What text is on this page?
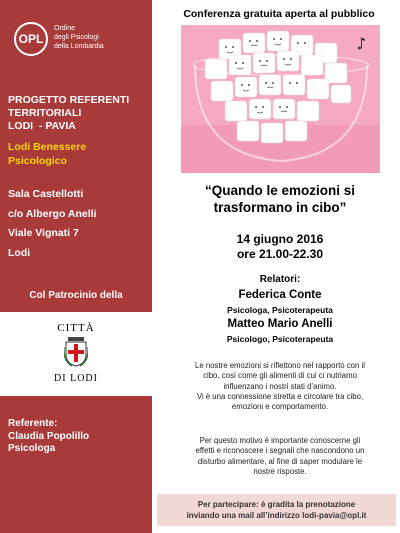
OPL
Ordine
degli Psicologi
della Lombardia
PROGETTO REFERENTI
TERRITORIALI
LODI  - PAVIA
Lodi Benessere
Psicologico
Sala Castellotti
c/o Albergo Anelli
Viale Vignati 7
Lodi
Col Patrocinio della
CITTÀ
DI LODI
Referente:
Claudia Popolillo
Psicologa
Conferenza gratuita aperta al pubblico
“Quando le emozioni si
trasformano in cibo”
14 giugno 2016
ore 21.00-22.30
Relatori:
Federica Conte
Psicologa, Psicoterapeuta
Matteo Mario Anelli
Psicologo, Psicoterapeuta
Le nostre emozioni si riflettono nel rapporto con il
cibo, così come gli alimenti di cui ci nutriamo
influenzano i nostri stati d’animo.
Vi è una connessione stretta e circolare tra cibo,
emozioni e comportamento.
Per questo motivo è importante conoscerne gli
effetti e riconoscere i segnali che nascondono un
disturbo alimentare, al fine di saper modulare le
nostre risposte.
Per partecipare: è gradita la prenotazione
inviando una mail all’indirizzo lodi-pavia@opl.it
